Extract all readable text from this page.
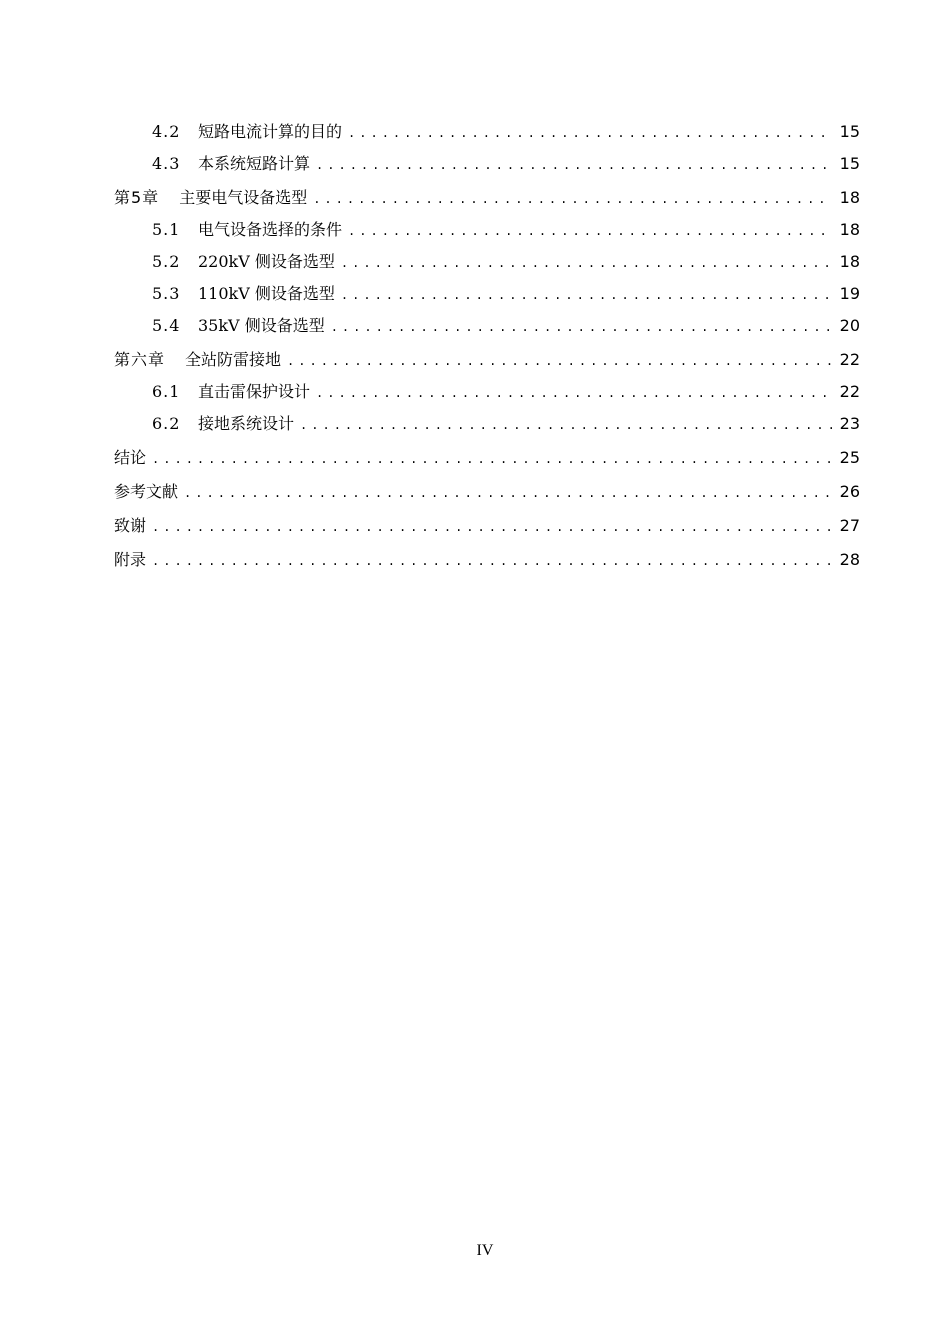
4.2 短路电流计算的目的 .....	15
4.3 本系统短路计算 .....	15
第5章 主要电气设备选型 .....	18
5.1 电气设备选择的条件 .....	18
5.2 220kV 侧设备选型 .....	18
5.3 110kV 侧设备选型 .....	19
5.4 35kV 侧设备选型 .....	20
第六章 全站防雷接地 .....	22
6.1 直击雷保护设计 .....	22
6.2 接地系统设计 .....	23
结论 .....	25
参考文献 .....	26
致谢 .....	27
附录 .....	28
IV
